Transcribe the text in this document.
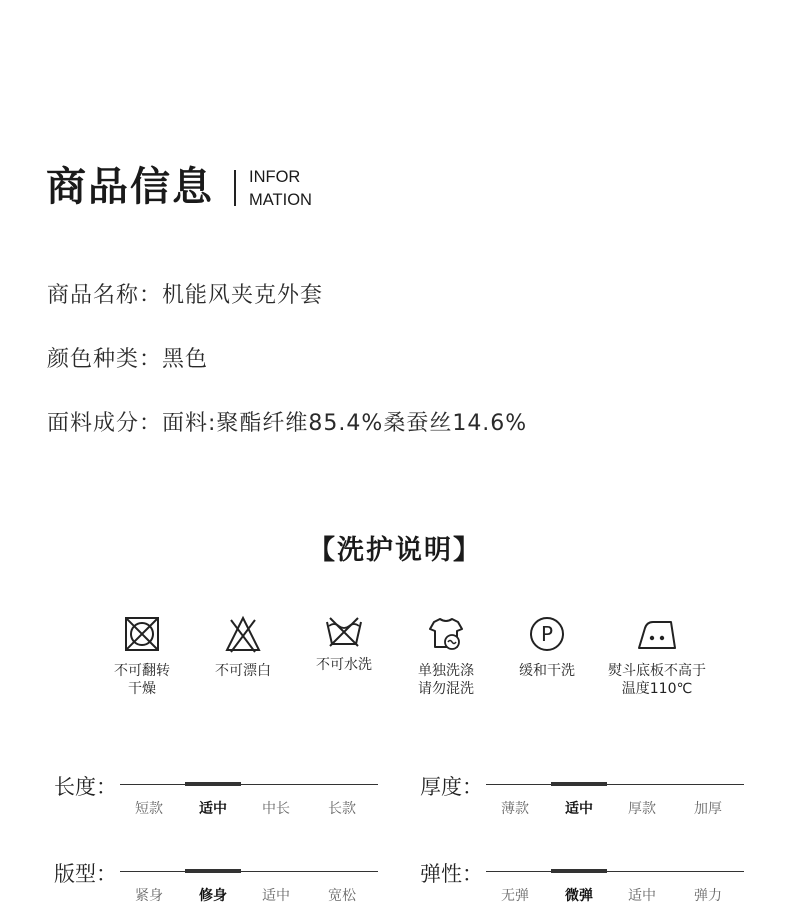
商品信息 INFOR
MATION
商品名称：机能风夹克外套
颜色种类：黑色
面料成分：面料:聚酯纤维85.4%桑蚕丝14.6%
【洗护说明】
不可翻转
干燥
不可漂白	不可水洗	单独洗涤
请勿混洗
P
缓和干洗	熨斗底板不高于
温度110℃
长度：
短款	适中	中长	长款
厚度：
薄款	适中	厚款	加厚
版型：
紧身	修身	适中	宽松
弹性：
无弹	微弹	适中	弹力
